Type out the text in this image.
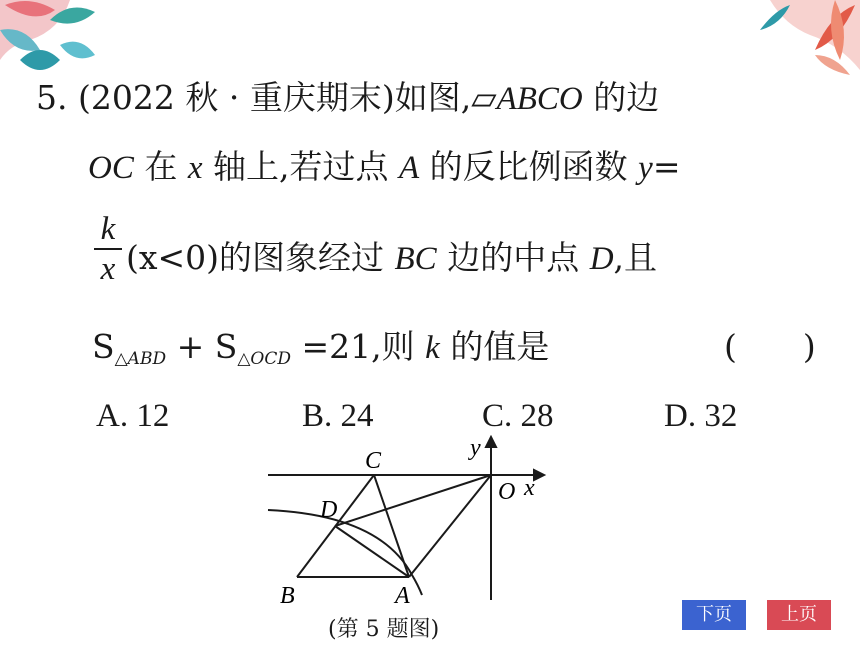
5. (2022 秋 · 重庆期末)如图,▱ABCO 的边
OC 在 x 轴上,若过点 A 的反比例函数 y=
k
x (x<0)的图象经过 BC 边的中点 D,且
$S_{\triangle ABD} + S_{\triangle OCD} =21$,则 k 的值是	(　　)
A. 12	B. 24	C. 28	D. 32
C	y
O x
D
B	A
(第 5 题图)
下页	上页
